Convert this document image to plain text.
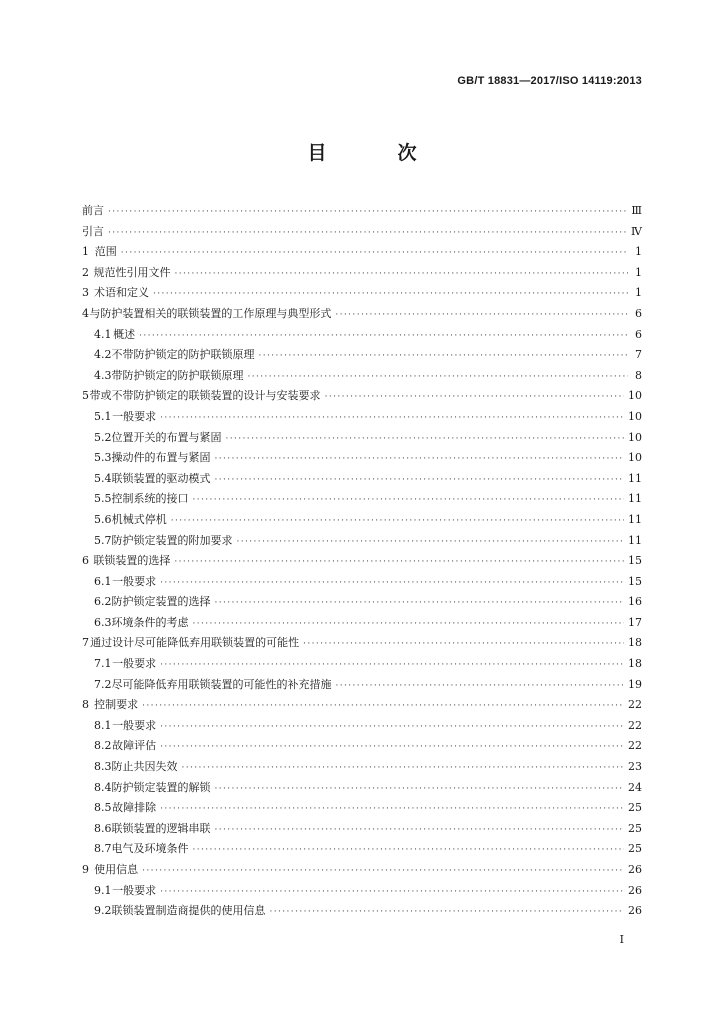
GB/T 18831—2017/ISO 14119:2013
目　次
前言 ·····	Ⅲ
引言 ·····	Ⅳ
1 范围 ·····	1
2 规范性引用文件 ·····	1
3 术语和定义 ·····	1
4 与防护装置相关的联锁装置的工作原理与典型形式 ·····	6
4.1 概述 ·····	6
4.2 不带防护锁定的防护联锁原理 ·····	7
4.3 带防护锁定的防护联锁原理 ·····	8
5 带或不带防护锁定的联锁装置的设计与安装要求 ·····	10
5.1 一般要求 ·····	10
5.2 位置开关的布置与紧固 ·····	10
5.3 操动件的布置与紧固 ·····	10
5.4 联锁装置的驱动模式 ·····	11
5.5 控制系统的接口 ·····	11
5.6 机械式停机 ·····	11
5.7 防护锁定装置的附加要求 ·····	11
6 联锁装置的选择 ·····	15
6.1 一般要求 ·····	15
6.2 防护锁定装置的选择 ·····	16
6.3 环境条件的考虑 ·····	17
7 通过设计尽可能降低弃用联锁装置的可能性 ·····	18
7.1 一般要求 ·····	18
7.2 尽可能降低弃用联锁装置的可能性的补充措施 ·····	19
8 控制要求 ·····	22
8.1 一般要求 ·····	22
8.2 故障评估 ·····	22
8.3 防止共因失效 ·····	23
8.4 防护锁定装置的解锁 ·····	24
8.5 故障排除 ·····	25
8.6 联锁装置的逻辑串联 ·····	25
8.7 电气及环境条件 ·····	25
9 使用信息 ·····	26
9.1 一般要求 ·····	26
9.2 联锁装置制造商提供的使用信息 ·····	26
I
